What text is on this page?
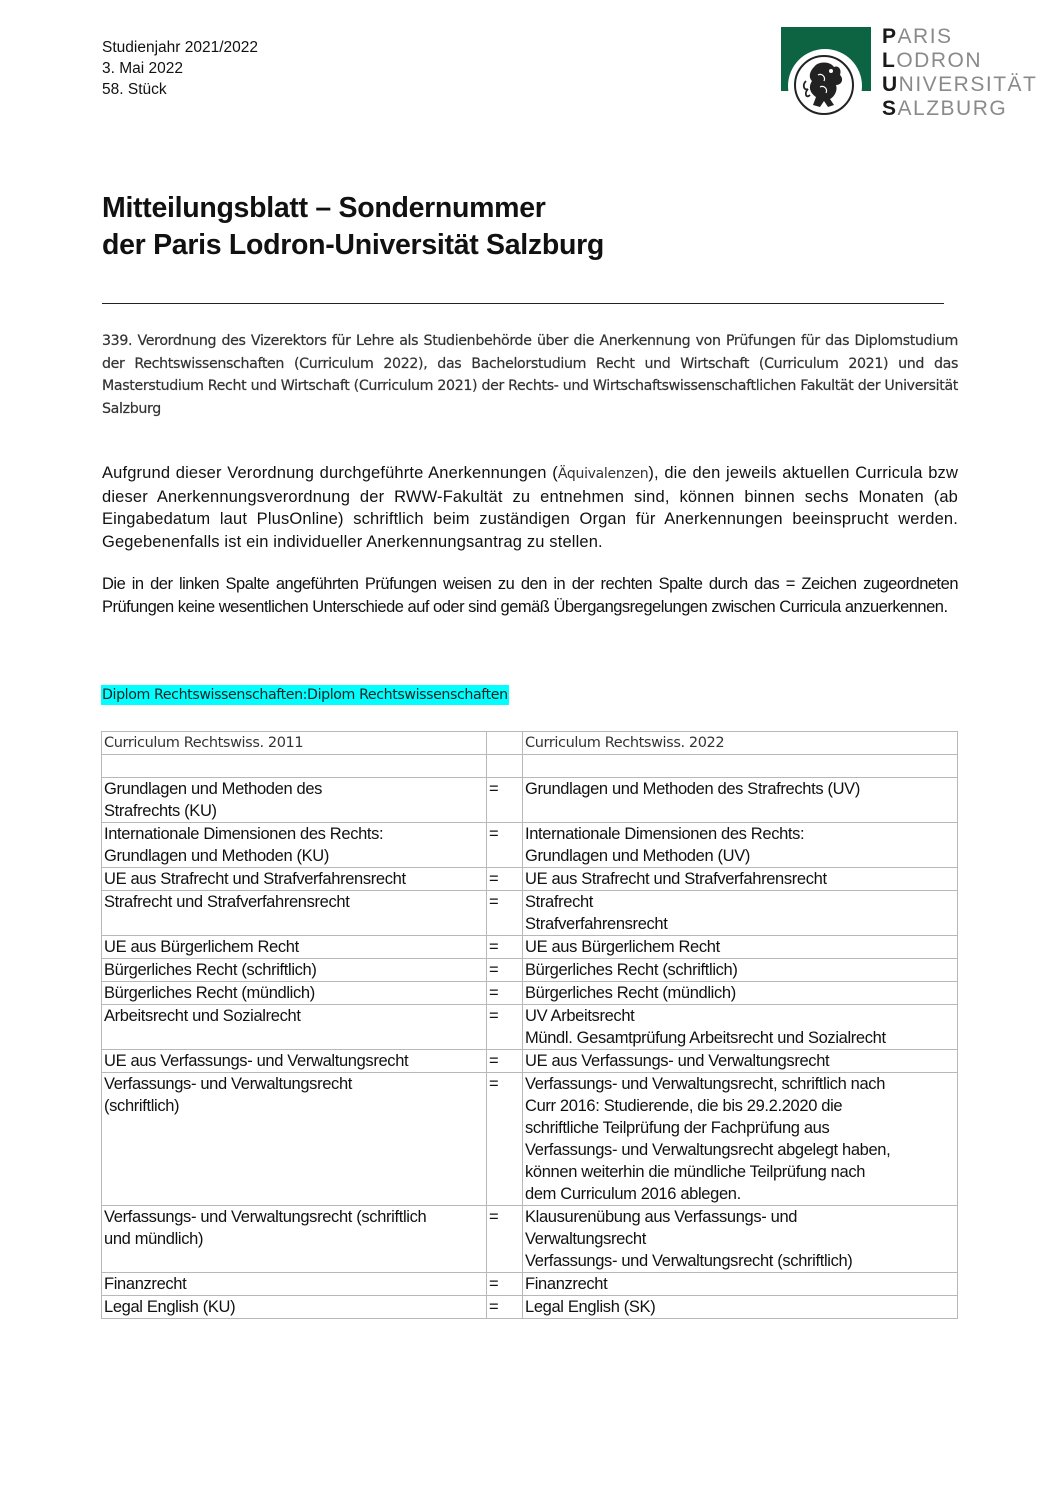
Studienjahr 2021/2022
3. Mai 2022
58. Stück
PARIS
LODRON
UNIVERSITÄT
SALZBURG
Mitteilungsblatt – Sondernummer
der Paris Lodron-Universität Salzburg
339. Verordnung des Vizerektors für Lehre als Studienbehörde über die Anerkennung von Prüfungen für das Diplomstudium der Rechtswissenschaften (Curriculum 2022), das Bachelorstudium Recht und Wirtschaft (Curriculum 2021) und das Masterstudium Recht und Wirtschaft (Curriculum 2021) der Rechts- und Wirtschaftswissenschaftlichen Fakultät der Universität Salzburg
Aufgrund dieser Verordnung durchgeführte Anerkennungen (Äquivalenzen), die den jeweils aktuellen Curricula bzw dieser Anerkennungsverordnung der RWW-Fakultät zu entnehmen sind, können binnen sechs Monaten (ab Eingabedatum laut PlusOnline) schriftlich beim zuständigen Organ für Anerkennungen beeinsprucht werden. Gegebenenfalls ist ein individueller Anerkennungsantrag zu stellen.
Die in der linken Spalte angeführten Prüfungen weisen zu den in der rechten Spalte durch das = Zeichen zugeordneten Prüfungen keine wesentlichen Unterschiede auf oder sind gemäß Übergangsregelungen zwischen Curricula anzuerkennen.
Diplom Rechtswissenschaften:Diplom Rechtswissenschaften
Curriculum Rechtswiss. 2011		Curriculum Rechtswiss. 2022

Grundlagen und Methoden des
Strafrechts (KU)	=	Grundlagen und Methoden des Strafrechts (UV)

Internationale Dimensionen des Rechts:
Grundlagen und Methoden (KU)	=	Internationale Dimensionen des Rechts:
Grundlagen und Methoden (UV)

UE aus Strafrecht und Strafverfahrensrecht	=	UE aus Strafrecht und Strafverfahrensrecht

Strafrecht und Strafverfahrensrecht	=	Strafrecht
Strafverfahrensrecht

UE aus Bürgerlichem Recht	=	UE aus Bürgerlichem Recht

Bürgerliches Recht (schriftlich)	=	Bürgerliches Recht (schriftlich)

Bürgerliches Recht (mündlich)	=	Bürgerliches Recht (mündlich)

Arbeitsrecht und Sozialrecht	=	UV Arbeitsrecht
Mündl. Gesamtprüfung Arbeitsrecht und Sozialrecht

UE aus Verfassungs- und Verwaltungsrecht	=	UE aus Verfassungs- und Verwaltungsrecht

Verfassungs- und Verwaltungsrecht
(schriftlich)
	=	Verfassungs- und Verwaltungsrecht, schriftlich nach
Curr 2016: Studierende, die bis 29.2.2020 die
schriftliche Teilprüfung der Fachprüfung aus
Verfassungs- und Verwaltungsrecht abgelegt haben,
können weiterhin die mündliche Teilprüfung nach
dem Curriculum 2016 ablegen.

Verfassungs- und Verwaltungsrecht (schriftlich
und mündlich)	=	Klausurenübung aus Verfassungs- und
Verwaltungsrecht
Verfassungs- und Verwaltungsrecht (schriftlich)

Finanzrecht	=	Finanzrecht

Legal English (KU)	=	Legal English (SK)
